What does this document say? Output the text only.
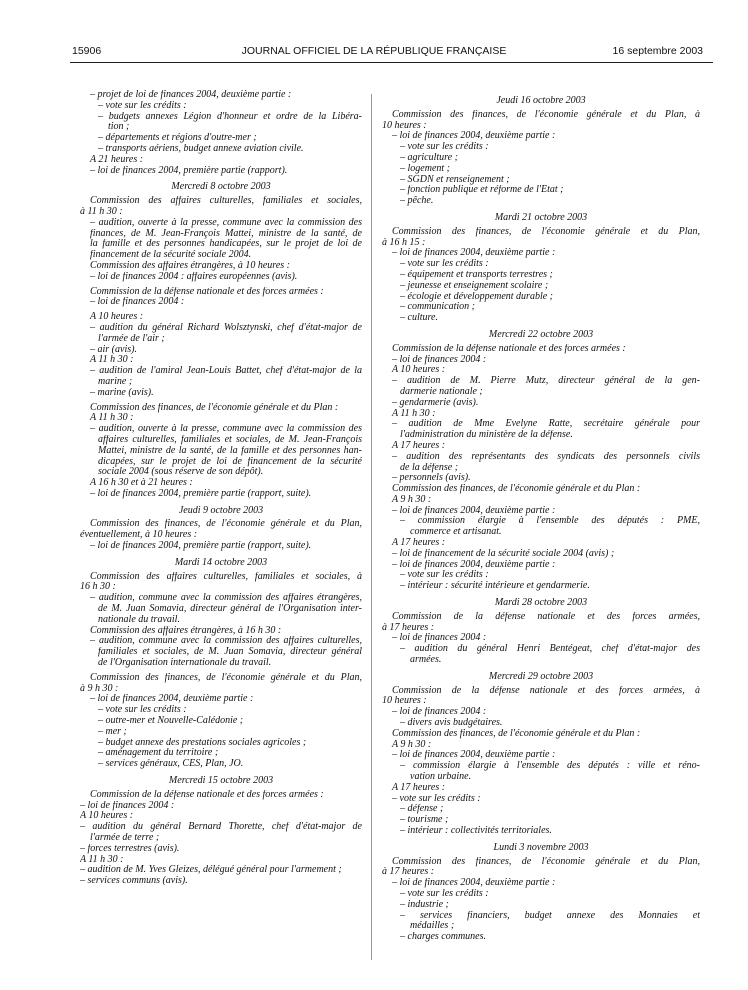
15906	JOURNAL OFFICIEL DE LA RÉPUBLIQUE FRANÇAISE	16 septembre 2003
– projet de loi de finances 2004, deuxième partie :
– vote sur les crédits :
– budgets annexes Légion d'honneur et ordre de la Libéra-
tion ;
– départements et régions d'outre-mer ;
– transports aériens, budget annexe aviation civile.
A 21 heures :
– loi de finances 2004, première partie (rapport).
Mercredi 8 octobre 2003
Commission des affaires culturelles, familiales et sociales,
à 11 h 30 :
– audition, ouverte à la presse, commune avec la commission des
finances, de M. Jean-François Mattei, ministre de la santé, de
la famille et des personnes handicapées, sur le projet de loi de
financement de la sécurité sociale 2004.
Commission des affaires étrangères, à 10 heures :
– loi de finances 2004 : affaires européennes (avis).
Commission de la défense nationale et des forces armées :
– loi de finances 2004 :
A 10 heures :
– audition du général Richard Wolsztynski, chef d'état-major de
l'armée de l'air ;
– air (avis).
A 11 h 30 :
– audition de l'amiral Jean-Louis Battet, chef d'état-major de la
marine ;
– marine (avis).
Commission des finances, de l'économie générale et du Plan :
A 11 h 30 :
– audition, ouverte à la presse, commune avec la commission des
affaires culturelles, familiales et sociales, de M. Jean-François
Mattei, ministre de la santé, de la famille et des personnes han-
dicapées, sur le projet de loi de financement de la sécurité
sociale 2004 (sous réserve de son dépôt).
A 16 h 30 et à 21 heures :
– loi de finances 2004, première partie (rapport, suite).
Jeudi 9 octobre 2003
Commission des finances, de l'économie générale et du Plan,
éventuellement, à 10 heures :
– loi de finances 2004, première partie (rapport, suite).
Mardi 14 octobre 2003
Commission des affaires culturelles, familiales et sociales, à
16 h 30 :
– audition, commune avec la commission des affaires étrangères,
de M. Juan Somavia, directeur général de l'Organisation inter-
nationale du travail.
Commission des affaires étrangères, à 16 h 30 :
– audition, commune avec la commission des affaires culturelles,
familiales et sociales, de M. Juan Somavia, directeur général
de l'Organisation internationale du travail.
Commission des finances, de l'économie générale et du Plan,
à 9 h 30 :
– loi de finances 2004, deuxième partie :
– vote sur les crédits :
– outre-mer et Nouvelle-Calédonie ;
– mer ;
– budget annexe des prestations sociales agricoles ;
– aménagement du territoire ;
– services généraux, CES, Plan, JO.
Mercredi 15 octobre 2003
Commission de la défense nationale et des forces armées :
– loi de finances 2004 :
A 10 heures :
– audition du général Bernard Thorette, chef d'état-major de
l'armée de terre ;
– forces terrestres (avis).
A 11 h 30 :
– audition de M. Yves Gleizes, délégué général pour l'armement ;
– services communs (avis).
Jeudi 16 octobre 2003
Commission des finances, de l'économie générale et du Plan, à
10 heures :
– loi de finances 2004, deuxième partie :
– vote sur les crédits :
– agriculture ;
– logement ;
– SGDN et renseignement ;
– fonction publique et réforme de l'Etat ;
– pêche.
Mardi 21 octobre 2003
Commission des finances, de l'économie générale et du Plan,
à 16 h 15 :
– loi de finances 2004, deuxième partie :
– vote sur les crédits :
– équipement et transports terrestres ;
– jeunesse et enseignement scolaire ;
– écologie et développement durable ;
– communication ;
– culture.
Mercredi 22 octobre 2003
Commission de la défense nationale et des forces armées :
– loi de finances 2004 :
A 10 heures :
– audition de M. Pierre Mutz, directeur général de la gen-
darmerie nationale ;
– gendarmerie (avis).
A 11 h 30 :
– audition de Mme Evelyne Ratte, secrétaire générale pour
l'administration du ministère de la défense.
A 17 heures :
– audition des représentants des syndicats des personnels civils
de la défense ;
– personnels (avis).
Commission des finances, de l'économie générale et du Plan :
A 9 h 30 :
– loi de finances 2004, deuxième partie :
– commission élargie à l'ensemble des députés : PME,
commerce et artisanat.
A 17 heures :
– loi de financement de la sécurité sociale 2004 (avis) ;
– loi de finances 2004, deuxième partie :
– vote sur les crédits :
– intérieur : sécurité intérieure et gendarmerie.
Mardi 28 octobre 2003
Commission de la défense nationale et des forces armées,
à 17 heures :
– loi de finances 2004 :
– audition du général Henri Bentégeat, chef d'état-major des
armées.
Mercredi 29 octobre 2003
Commission de la défense nationale et des forces armées, à
10 heures :
– loi de finances 2004 :
– divers avis budgétaires.
Commission des finances, de l'économie générale et du Plan :
A 9 h 30 :
– loi de finances 2004, deuxième partie :
– commission élargie à l'ensemble des députés : ville et réno-
vation urbaine.
A 17 heures :
– vote sur les crédits :
– défense ;
– tourisme ;
– intérieur : collectivités territoriales.
Lundi 3 novembre 2003
Commission des finances, de l'économie générale et du Plan,
à 17 heures :
– loi de finances 2004, deuxième partie :
– vote sur les crédits :
– industrie ;
– services financiers, budget annexe des Monnaies et
médailles ;
– charges communes.
